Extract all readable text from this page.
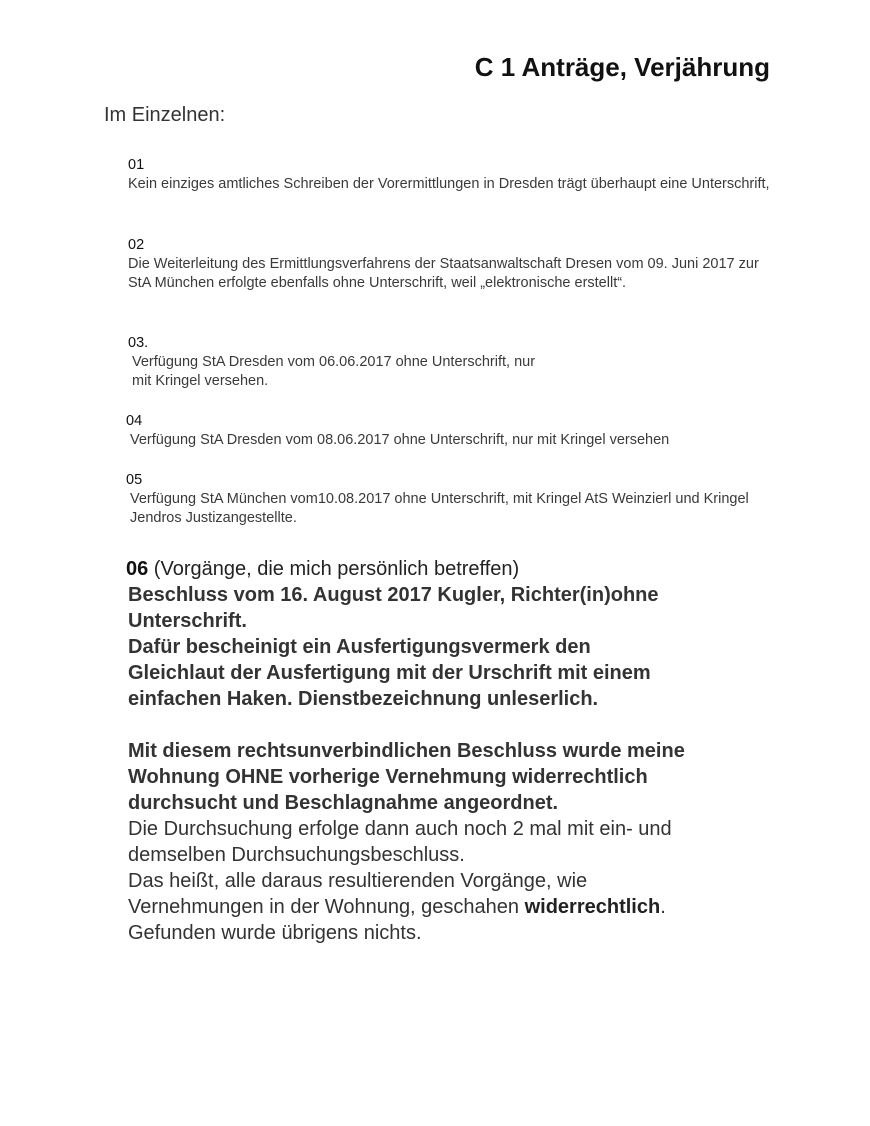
C 1 Anträge, Verjährung
Im Einzelnen:
01
Kein einziges amtliches Schreiben der Vorermittlungen in Dresden trägt überhaupt eine Unterschrift,
02
Die Weiterleitung des Ermittlungsverfahrens der Staatsanwaltschaft Dresen vom 09. Juni 2017 zur StA München erfolgte ebenfalls ohne Unterschrift, weil „elektronische erstellt“.
03.
Verfügung StA Dresden vom 06.06.2017 ohne Unterschrift, nur
mit Kringel versehen.
04
Verfügung StA Dresden vom 08.06.2017 ohne Unterschrift, nur mit Kringel versehen
05
Verfügung StA München vom10.08.2017 ohne Unterschrift, mit Kringel AtS Weinzierl und Kringel Jendros Justizangestellte.

06 (Vorgänge, die mich persönlich betreffen)

Beschluss vom 16. August 2017 Kugler, Richter(in)ohne
Unterschrift.
Dafür bescheinigt ein Ausfertigungsvermerk den
Gleichlaut der Ausfertigung mit der Urschrift mit einem
einfachen Haken. Dienstbezeichnung unleserlich.

Mit diesem rechtsunverbindlichen Beschluss wurde meine
Wohnung OHNE vorherige Vernehmung widerrechtlich
durchsucht und Beschlagnahme angeordnet.

Die Durchsuchung erfolge dann auch noch 2 mal mit ein- und
demselben Durchsuchungsbeschluss.
Das heißt, alle daraus resultierenden Vorgänge, wie
Vernehmungen in der Wohnung, geschahen widerrechtlich.
Gefunden wurde übrigens nichts.
